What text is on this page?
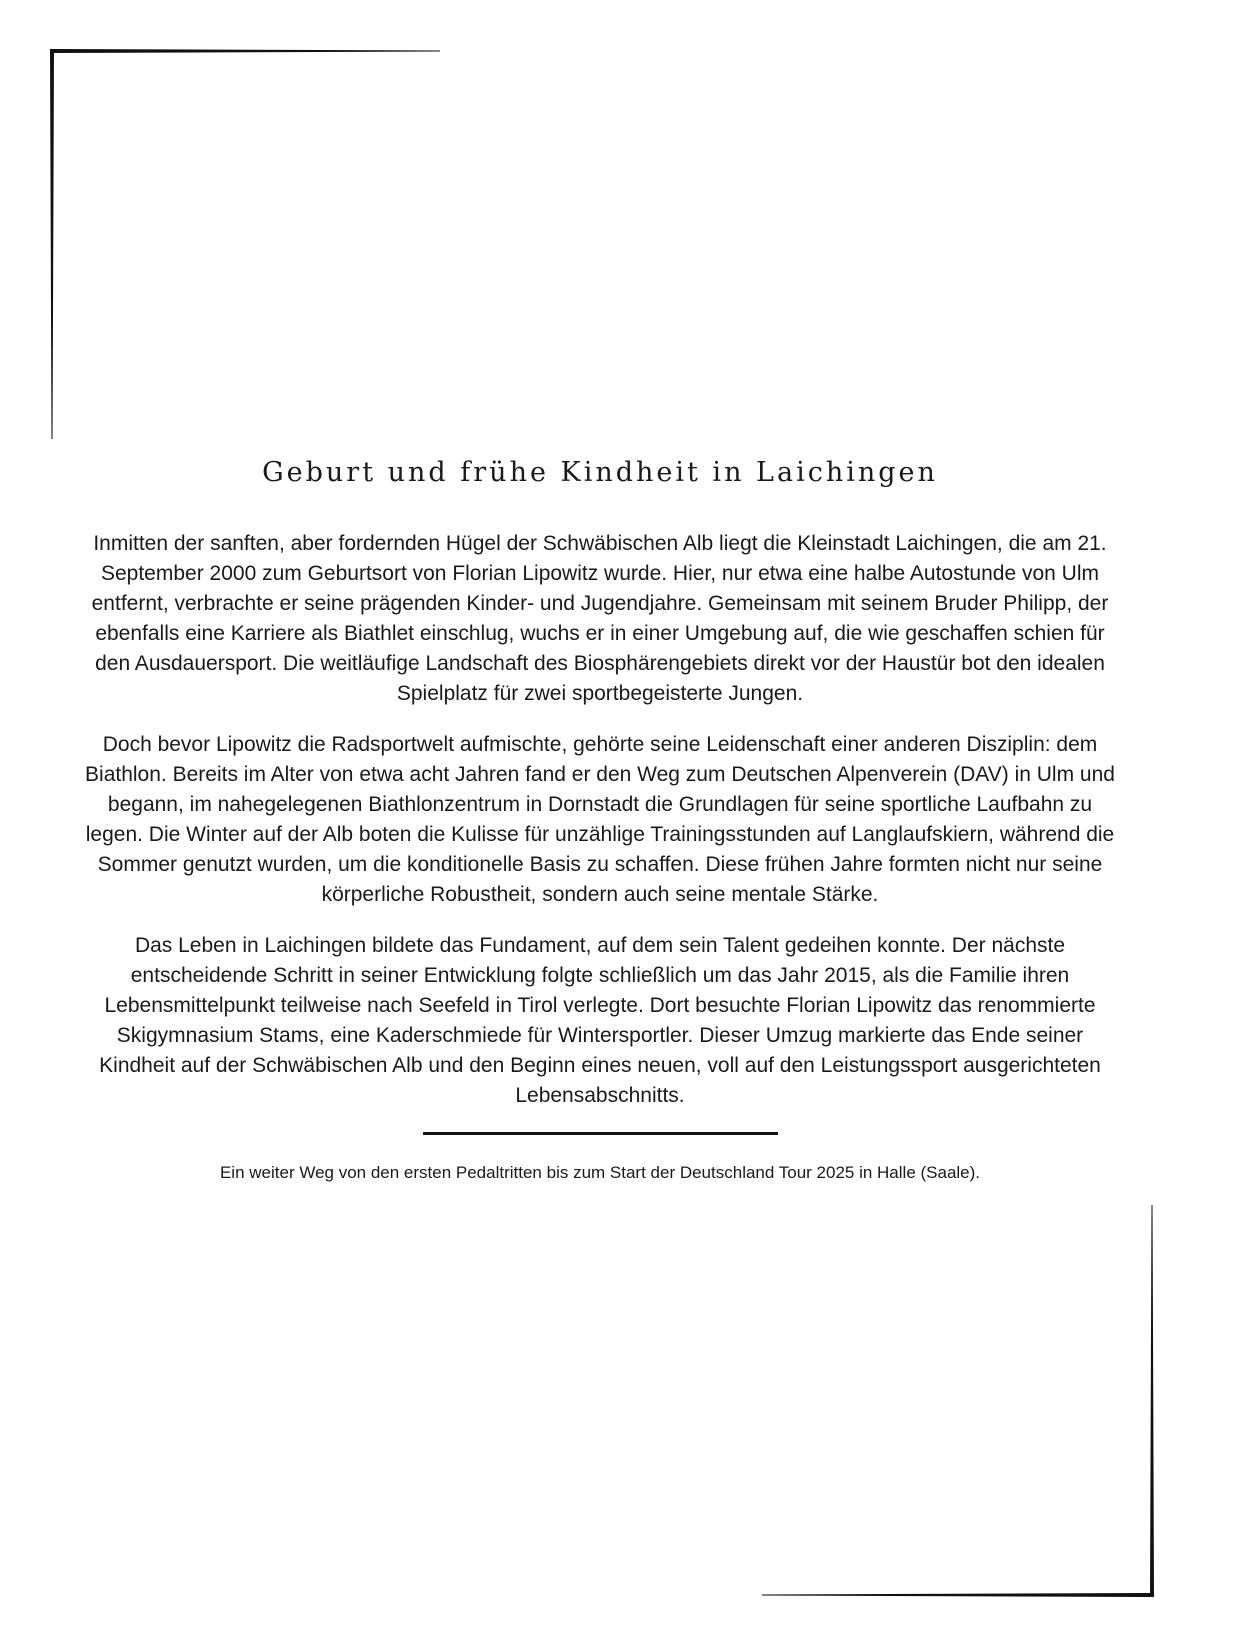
Geburt und frühe Kindheit in Laichingen

Inmitten der sanften, aber fordernden Hügel der Schwäbischen Alb liegt die Kleinstadt Laichingen, die am 21. September 2000 zum Geburtsort von Florian Lipowitz wurde. Hier, nur etwa eine halbe Autostunde von Ulm entfernt, verbrachte er seine prägenden Kinder- und Jugendjahre. Gemeinsam mit seinem Bruder Philipp, der ebenfalls eine Karriere als Biathlet einschlug, wuchs er in einer Umgebung auf, die wie geschaffen schien für den Ausdauersport. Die weitläufige Landschaft des Biosphärengebiets direkt vor der Haustür bot den idealen Spielplatz für zwei sportbegeisterte Jungen.

Doch bevor Lipowitz die Radsportwelt aufmischte, gehörte seine Leidenschaft einer anderen Disziplin: dem Biathlon. Bereits im Alter von etwa acht Jahren fand er den Weg zum Deutschen Alpenverein (DAV) in Ulm und begann, im nahegelegenen Biathlonzentrum in Dornstadt die Grundlagen für seine sportliche Laufbahn zu legen. Die Winter auf der Alb boten die Kulisse für unzählige Trainingsstunden auf Langlaufskiern, während die Sommer genutzt wurden, um die konditionelle Basis zu schaffen. Diese frühen Jahre formten nicht nur seine körperliche Robustheit, sondern auch seine mentale Stärke.

Das Leben in Laichingen bildete das Fundament, auf dem sein Talent gedeihen konnte. Der nächste entscheidende Schritt in seiner Entwicklung folgte schließlich um das Jahr 2015, als die Familie ihren Lebensmittelpunkt teilweise nach Seefeld in Tirol verlegte. Dort besuchte Florian Lipowitz das renommierte Skigymnasium Stams, eine Kaderschmiede für Wintersportler. Dieser Umzug markierte das Ende seiner Kindheit auf der Schwäbischen Alb und den Beginn eines neuen, voll auf den Leistungssport ausgerichteten Lebensabschnitts.

Ein weiter Weg von den ersten Pedaltritten bis zum Start der Deutschland Tour 2025 in Halle (Saale).
